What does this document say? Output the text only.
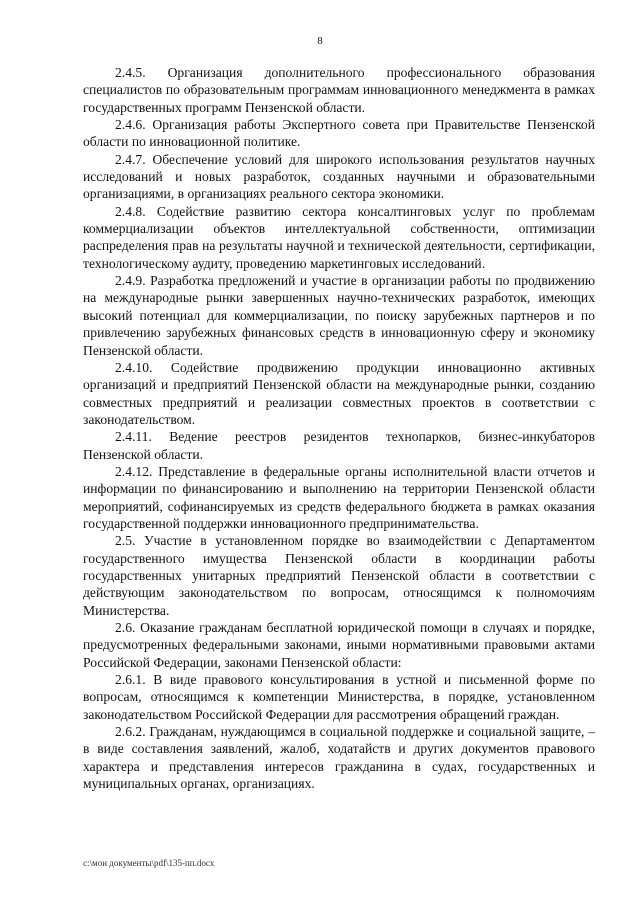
8

2.4.5. Организация дополнительного профессионального образования специалистов по образовательным программам инновационного менеджмента в рамках государственных программ Пензенской области.

2.4.6. Организация работы Экспертного совета при Правительстве Пензенской области по инновационной политике.

2.4.7. Обеспечение условий для широкого использования результатов научных исследований и новых разработок, созданных научными и образовательными организациями, в организациях реального сектора экономики.

2.4.8. Содействие развитию сектора консалтинговых услуг по проблемам коммерциализации объектов интеллектуальной собственности, оптимизации распределения прав на результаты научной и технической деятельности, сертификации, технологическому аудиту, проведению маркетинговых исследований.

2.4.9. Разработка предложений и участие в организации работы по продвижению на международные рынки завершенных научно-технических разработок, имеющих высокий потенциал для коммерциализации, по поиску зарубежных партнеров и по привлечению зарубежных финансовых средств в инновационную сферу и экономику Пензенской области.

2.4.10. Содействие продвижению продукции инновационно активных организаций и предприятий Пензенской области на международные рынки, созданию совместных предприятий и реализации совместных проектов в соответствии с законодательством.

2.4.11. Ведение реестров резидентов технопарков, бизнес-инкубаторов Пензенской области.

2.4.12. Представление в федеральные органы исполнительной власти отчетов и информации по финансированию и выполнению на территории Пензенской области мероприятий, софинансируемых из средств федерального бюджета в рамках оказания государственной поддержки инновационного предпринимательства.

2.5. Участие в установленном порядке во взаимодействии с Департаментом государственного имущества Пензенской области в координации работы государственных унитарных предприятий Пензенской области в соответствии с действующим законодательством по вопросам, относящимся к полномочиям Министерства.

2.6. Оказание гражданам бесплатной юридической помощи в случаях и порядке, предусмотренных федеральными законами, иными нормативными правовыми актами Российской Федерации, законами Пензенской области:

2.6.1. В виде правового консультирования в устной и письменной форме по вопросам, относящимся к компетенции Министерства, в порядке, установленном законодательством Российской Федерации для рассмотрения обращений граждан.

2.6.2. Гражданам, нуждающимся в социальной поддержке и социальной защите, – в виде составления заявлений, жалоб, ходатайств и других документов правового характера и представления интересов гражданина в судах, государственных и муниципальных органах, организациях.

c:\мои документы\pdf\135-пп.docx
